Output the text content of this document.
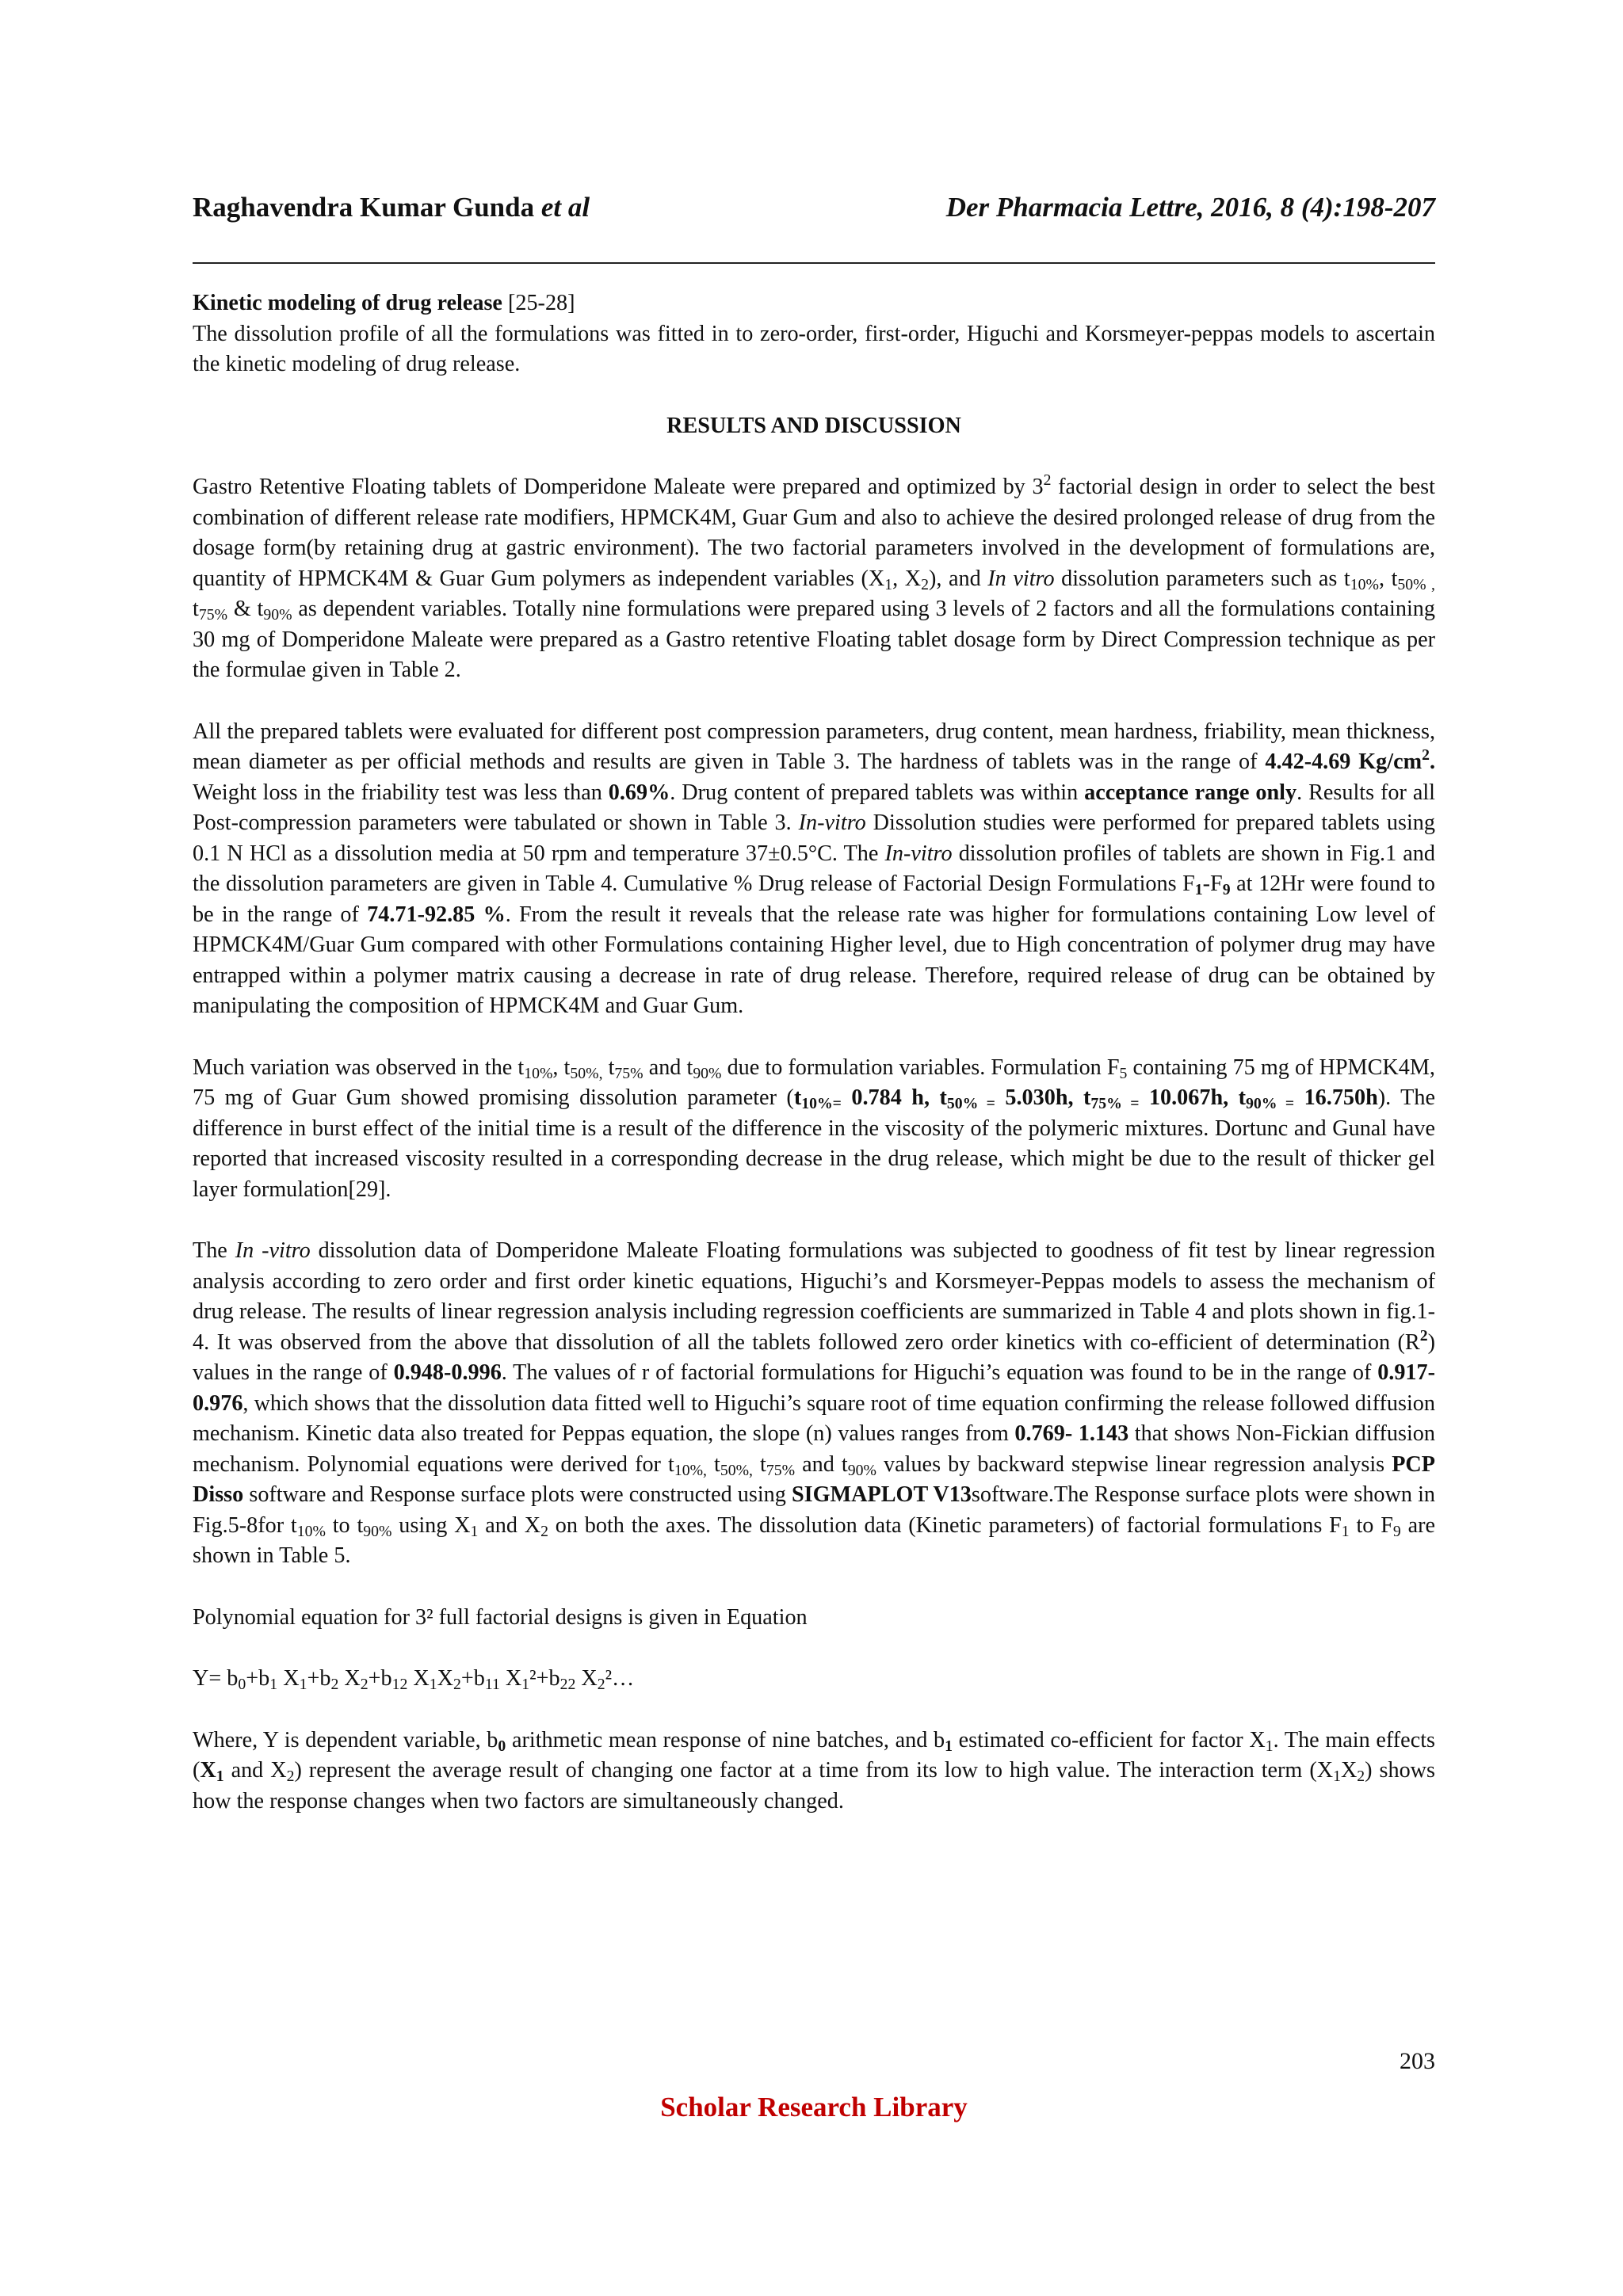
Raghavendra Kumar Gunda et al	Der Pharmacia Lettre, 2016, 8 (4):198-207

Kinetic modeling of drug release [25-28]

The dissolution profile of all the formulations was fitted in to zero-order, first-order, Higuchi and Korsmeyer-peppas models to ascertain the kinetic modeling of drug release.

RESULTS AND DISCUSSION

Gastro Retentive Floating tablets of Domperidone Maleate were prepared and optimized by $3^2$ factorial design in order to select the best combination of different release rate modifiers, HPMCK4M, Guar Gum and also to achieve the desired prolonged release of drug from the dosage form(by retaining drug at gastric environment). The two factorial parameters involved in the development of formulations are, quantity of HPMCK4M & Guar Gum polymers as independent variables ($X_1$, $X_2$), and In vitro dissolution parameters such as $t_{10\%}$, $t_{50\% ,}$ $t_{75\%}$ & $t_{90\%}$ as dependent variables. Totally nine formulations were prepared using 3 levels of 2 factors and all the formulations containing 30 mg of Domperidone Maleate were prepared as a Gastro retentive Floating tablet dosage form by Direct Compression technique as per the formulae given in Table 2.

All the prepared tablets were evaluated for different post compression parameters, drug content, mean hardness, friability, mean thickness, mean diameter as per official methods and results are given in Table 3. The hardness of tablets was in the range of 4.42-4.69 $Kg/cm^2$. Weight loss in the friability test was less than 0.69%. Drug content of prepared tablets was within acceptance range only. Results for all Post-compression parameters were tabulated or shown in Table 3. In-vitro Dissolution studies were performed for prepared tablets using 0.1 N HCl as a dissolution media at 50 rpm and temperature 37±0.5°C. The In-vitro dissolution profiles of tablets are shown in Fig.1 and the dissolution parameters are given in Table 4. Cumulative % Drug release of Factorial Design Formulations $F_1-F_9$ at 12Hr were found to be in the range of 74.71-92.85 %. From the result it reveals that the release rate was higher for formulations containing Low level of HPMCK4M/Guar Gum compared with other Formulations containing Higher level, due to High concentration of polymer drug may have entrapped within a polymer matrix causing a decrease in rate of drug release. Therefore, required release of drug can be obtained by manipulating the composition of HPMCK4M and Guar Gum.

Much variation was observed in the $t_{10\%}$, $t_{50\%,}$ $t_{75\%}$ and $t_{90\%}$ due to formulation variables. Formulation $F_5$ containing 75 mg of HPMCK4M, 75 mg of Guar Gum showed promising dissolution parameter ($t_{10\%=}$ 0.784 h, $t_{50\% =}$ 5.030h, $t_{75\% =}$ 10.067h, $t_{90\% =}$ 16.750h). The difference in burst effect of the initial time is a result of the difference in the viscosity of the polymeric mixtures. Dortunc and Gunal have reported that increased viscosity resulted in a corresponding decrease in the drug release, which might be due to the result of thicker gel layer formulation[29].

The In -vitro dissolution data of Domperidone Maleate Floating formulations was subjected to goodness of fit test by linear regression analysis according to zero order and first order kinetic equations, Higuchi’s and Korsmeyer-Peppas models to assess the mechanism of drug release. The results of linear regression analysis including regression coefficients are summarized in Table 4 and plots shown in fig.1-4. It was observed from the above that dissolution of all the tablets followed zero order kinetics with co-efficient of determination $(R^2)$ values in the range of 0.948-0.996. The values of r of factorial formulations for Higuchi’s equation was found to be in the range of 0.917-0.976, which shows that the dissolution data fitted well to Higuchi’s square root of time equation confirming the release followed diffusion mechanism. Kinetic data also treated for Peppas equation, the slope (n) values ranges from 0.769- 1.143 that shows Non-Fickian diffusion mechanism. Polynomial equations were derived for $t_{10\%,}$ $t_{50\%,}$ $t_{75\%}$ and $t_{90\%}$ values by backward stepwise linear regression analysis PCP Disso software and Response surface plots were constructed using SIGMAPLOT V13software.The Response surface plots were shown in Fig.5-8for $t_{10\%}$ to $t_{90\%}$ using $X_1$ and $X_2$ on both the axes. The dissolution data (Kinetic parameters) of factorial formulations $F_1$ to $F_9$ are shown in Table 5.

Polynomial equation for 3² full factorial designs is given in Equation

$Y= b_0+b_1$ $X_1+b_2$ $X_2+b_{12}$ $X_1X_2+b_{11}$ $X_1^2+b_{22}$ $X_2^2\dots$

Where, Y is dependent variable, $b_0$ arithmetic mean response of nine batches, and $b_1$ estimated co-efficient for factor $X_1$. The main effects ($X_1$ and $X_2$) represent the average result of changing one factor at a time from its low to high value. The interaction term $(X_1X_2)$ shows how the response changes when two factors are simultaneously changed.

203
Scholar Research Library
